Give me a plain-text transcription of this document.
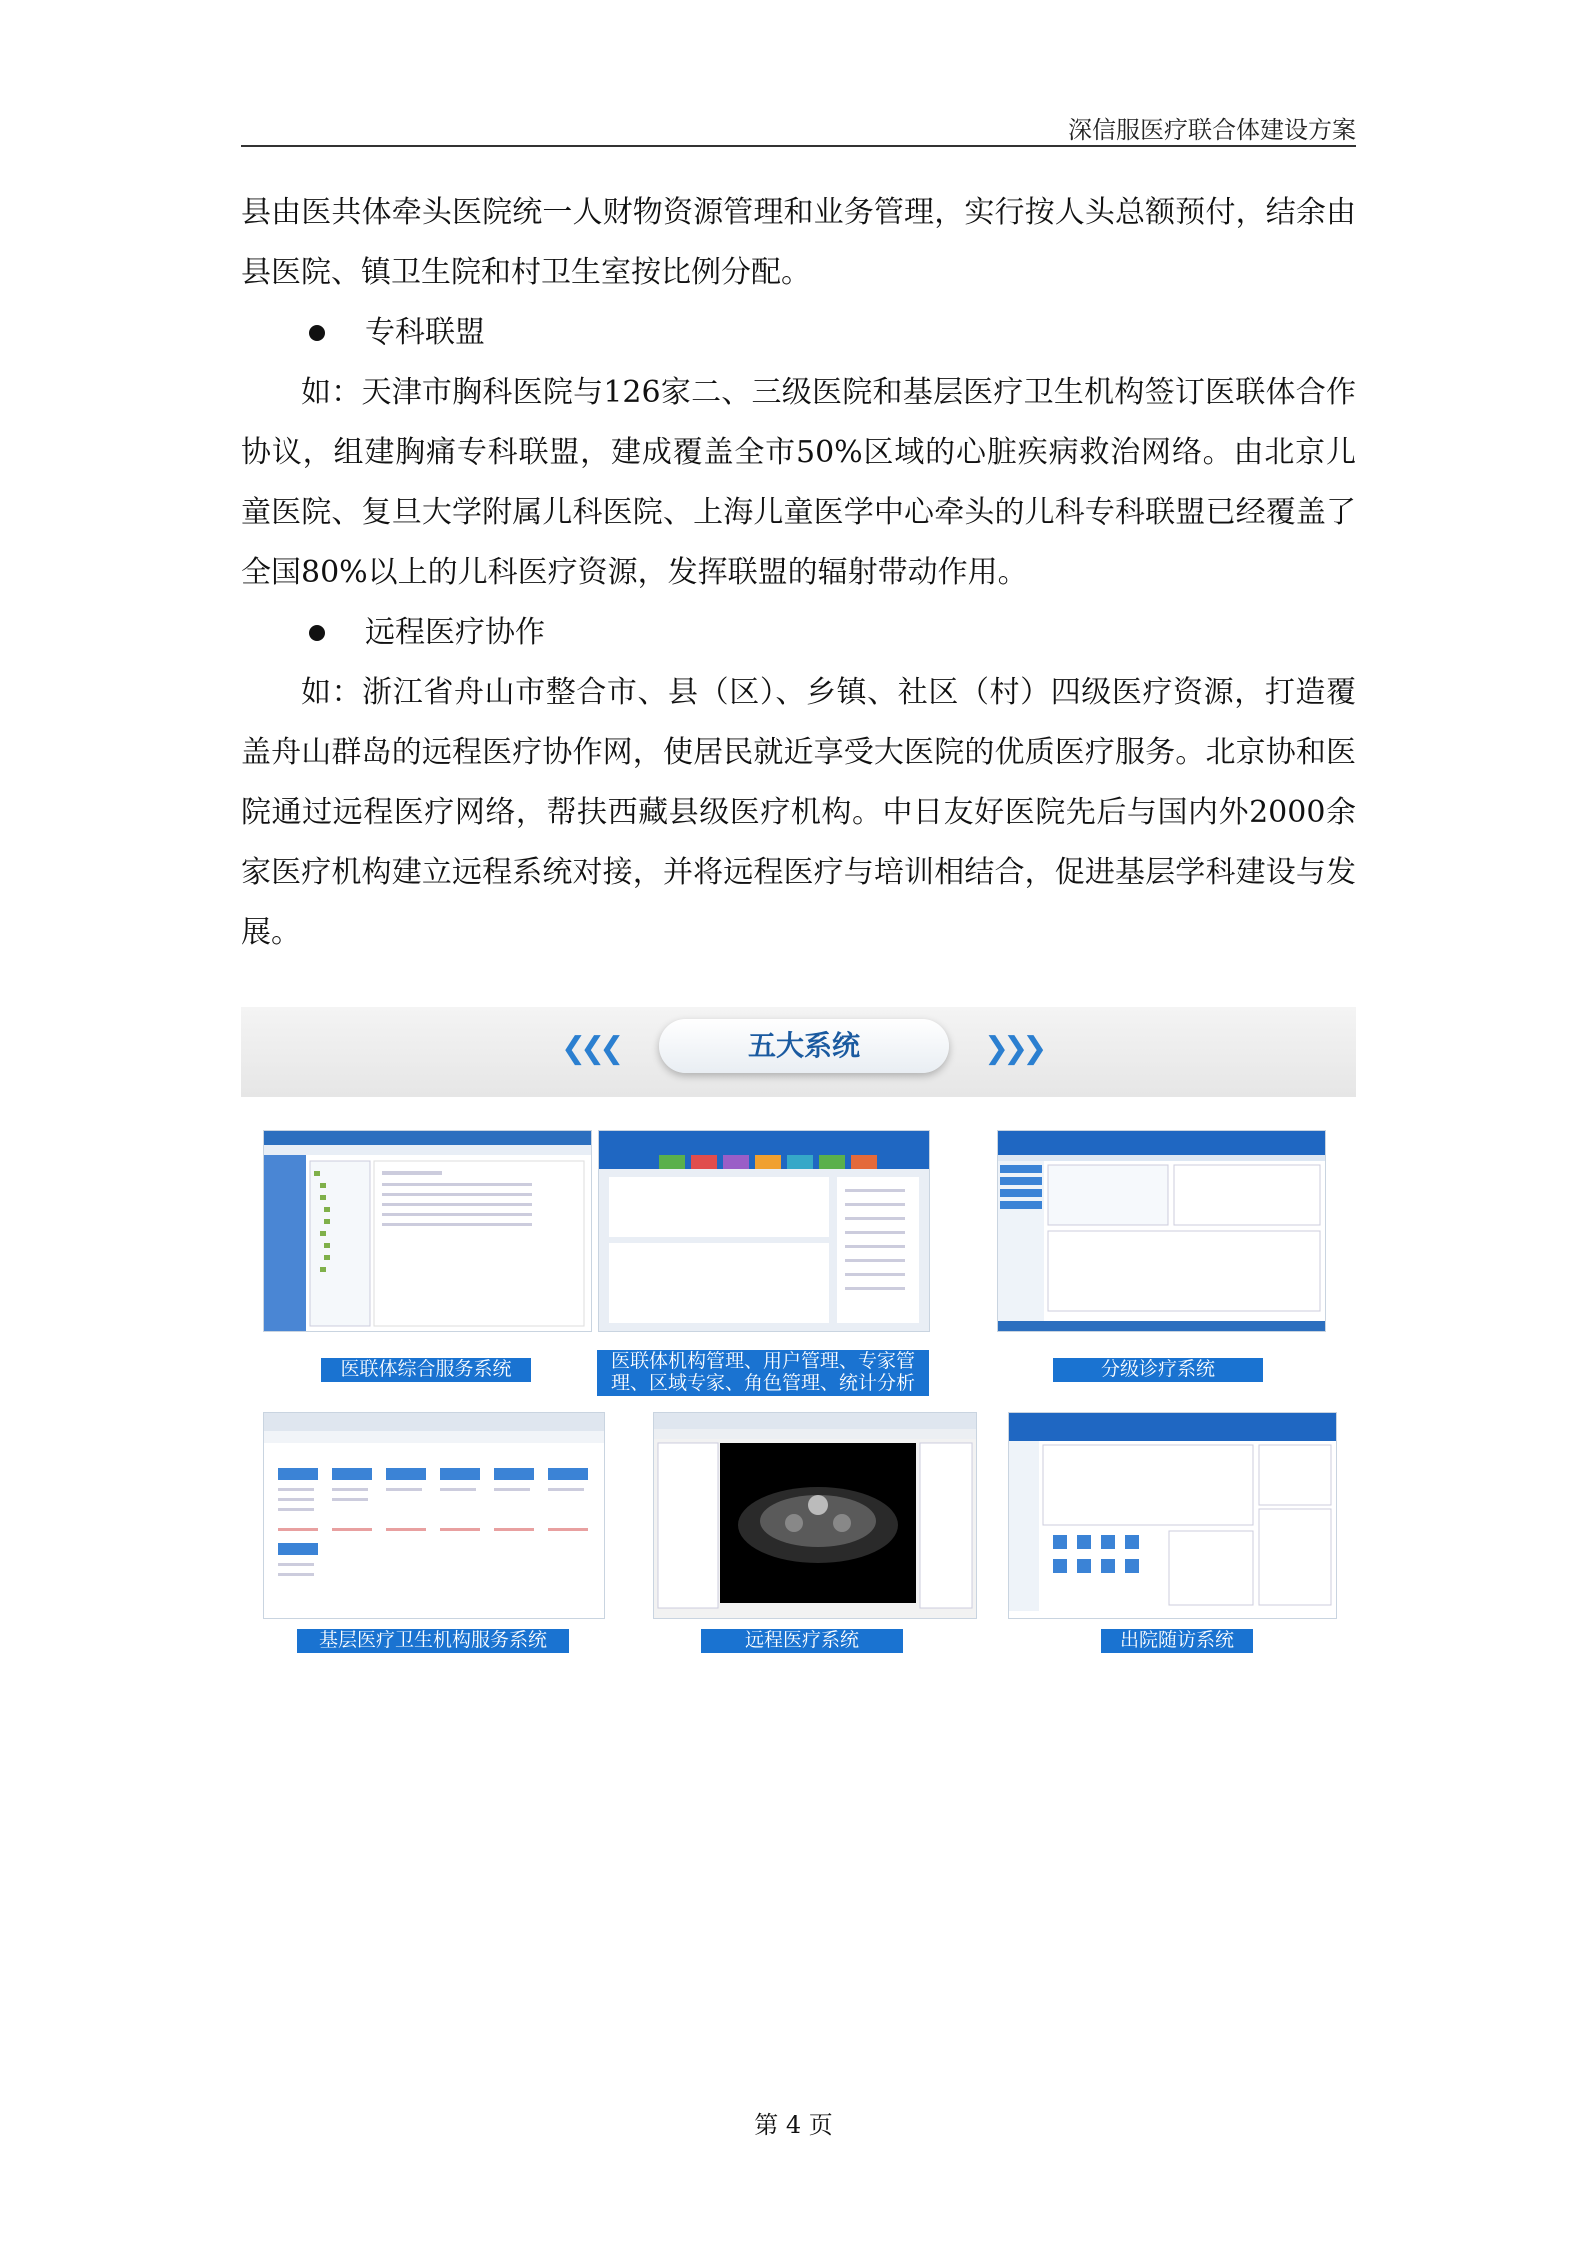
深信服医疗联合体建设方案

县由医共体牵头医院统一人财物资源管理和业务管理，实行按人头总额预付，结余由县医院、镇卫生院和村卫生室按比例分配。

专科联盟

如：天津市胸科医院与126家二、三级医院和基层医疗卫生机构签订医联体合作协议，组建胸痛专科联盟，建成覆盖全市50%区域的心脏疾病救治网络。由北京儿童医院、复旦大学附属儿科医院、上海儿童医学中心牵头的儿科专科联盟已经覆盖了全国80%以上的儿科医疗资源，发挥联盟的辐射带动作用。

远程医疗协作

如：浙江省舟山市整合市、县（区）、乡镇、社区（村）四级医疗资源，打造覆盖舟山群岛的远程医疗协作网，使居民就近享受大医院的优质医疗服务。北京协和医院通过远程医疗网络，帮扶西藏县级医疗机构。中日友好医院先后与国内外2000余家医疗机构建立远程系统对接，并将远程医疗与培训相结合，促进基层学科建设与发展。

❮❮❮	五大系统	❯❯❯
医联体综合服务系统	医联体机构管理、用户管理、专家管理、区域专家、角色管理、统计分析
分级诊疗系统
基层医疗卫生机构服务系统	远程医疗系统	出院随访系统
第 4 页
